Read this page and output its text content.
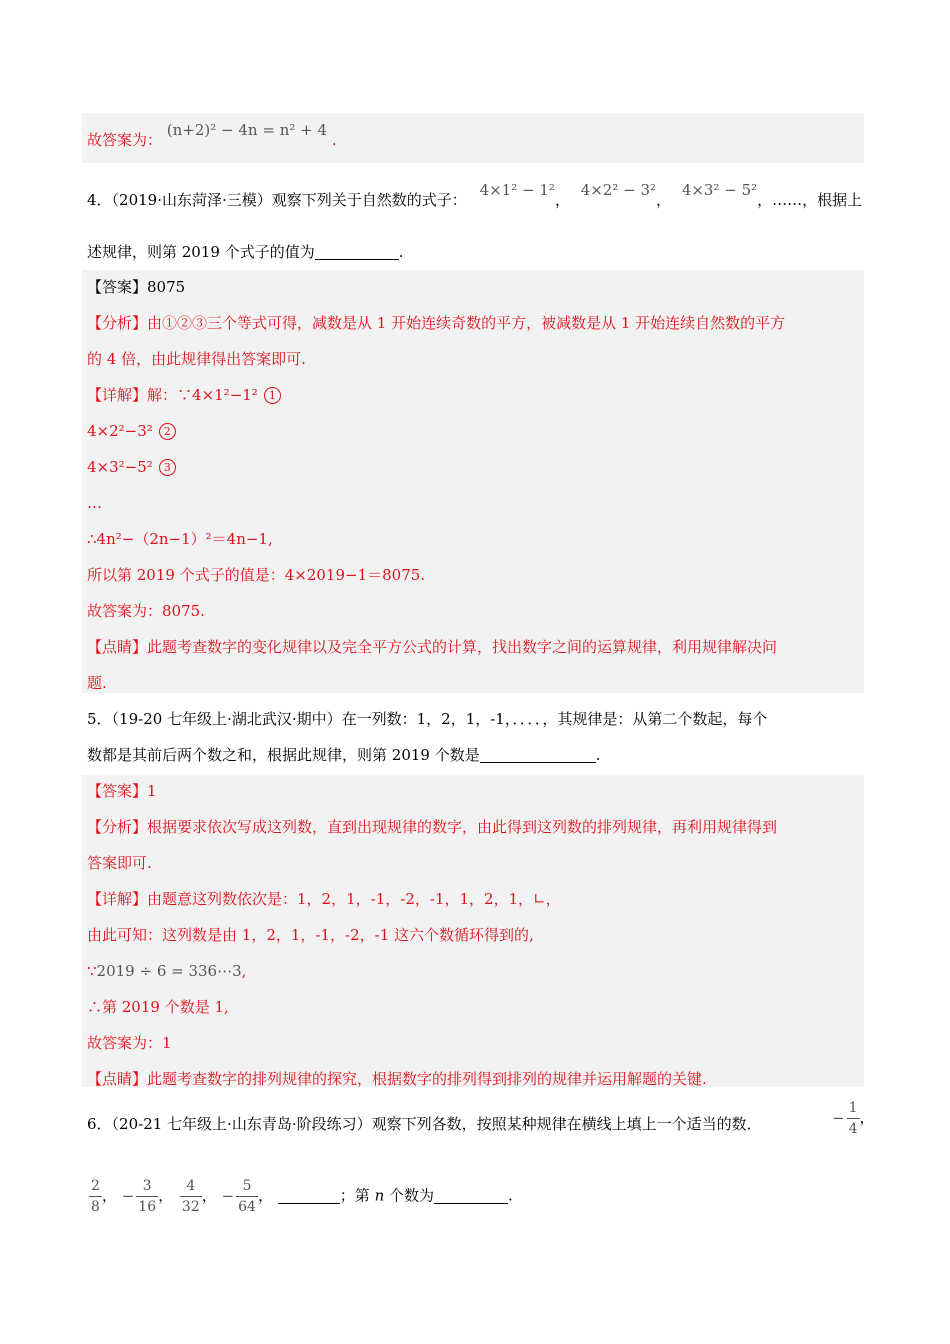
故答案为： (n+2)² − 4n = n² + 4 .
4．（2019·山东菏泽·三模）观察下列关于自然数的式子： 4×1² − 1²， 4×2² − 3²， 4×3² − 5²，……，根据上
述规律，则第 2019 个式子的值为	.
【答案】8075
【分析】由①②③三个等式可得，减数是从 1 开始连续奇数的平方，被减数是从 1 开始连续自然数的平方
的 4 倍，由此规律得出答案即可.
【详解】解：∵4×1²−1² 1
4×2²−3² 2
4×3²−5² 3
…
∴4n²−（2n−1）²＝4n−1,
所以第 2019 个式子的值是：4×2019−1＝8075.
故答案为：8075.
【点睛】此题考查数字的变化规律以及完全平方公式的计算，找出数字之间的运算规律，利用规律解决问
题.
5．（19-20 七年级上·湖北武汉·期中）在一列数：1，2，1，-1，．．．．，其规律是：从第二个数起，每个
数都是其前后两个数之和，根据此规律，则第 2019 个数是	.
【答案】1
【分析】根据要求依次写成这列数，直到出现规律的数字，由此得到这列数的排列规律，再利用规律得到
答案即可.
【详解】由题意这列数依次是：1，2，1，-1，-2，-1，1，2，1，∟，
由此可知：这列数是由 1，2，1，-1，-2，-1 这六个数循环得到的,
∵2019 ÷ 6 = 336⋯3,
∴第 2019 个数是 1,
故答案为：1
【点睛】此题考查数字的排列规律的探究，根据数字的排列得到排列的规律并运用解题的关键.
6．（20-21 七年级上·山东青岛·阶段练习）观察下列各数，按照某种规律在横线上填上一个适当的数．	− $\frac{1}{4}$ ，
$\frac{2}{8}$ ， − $\frac{3}{16}$ ， $\frac{4}{32}$ ， − $\frac{5}{64}$ ，	；第 n 个数为	.
